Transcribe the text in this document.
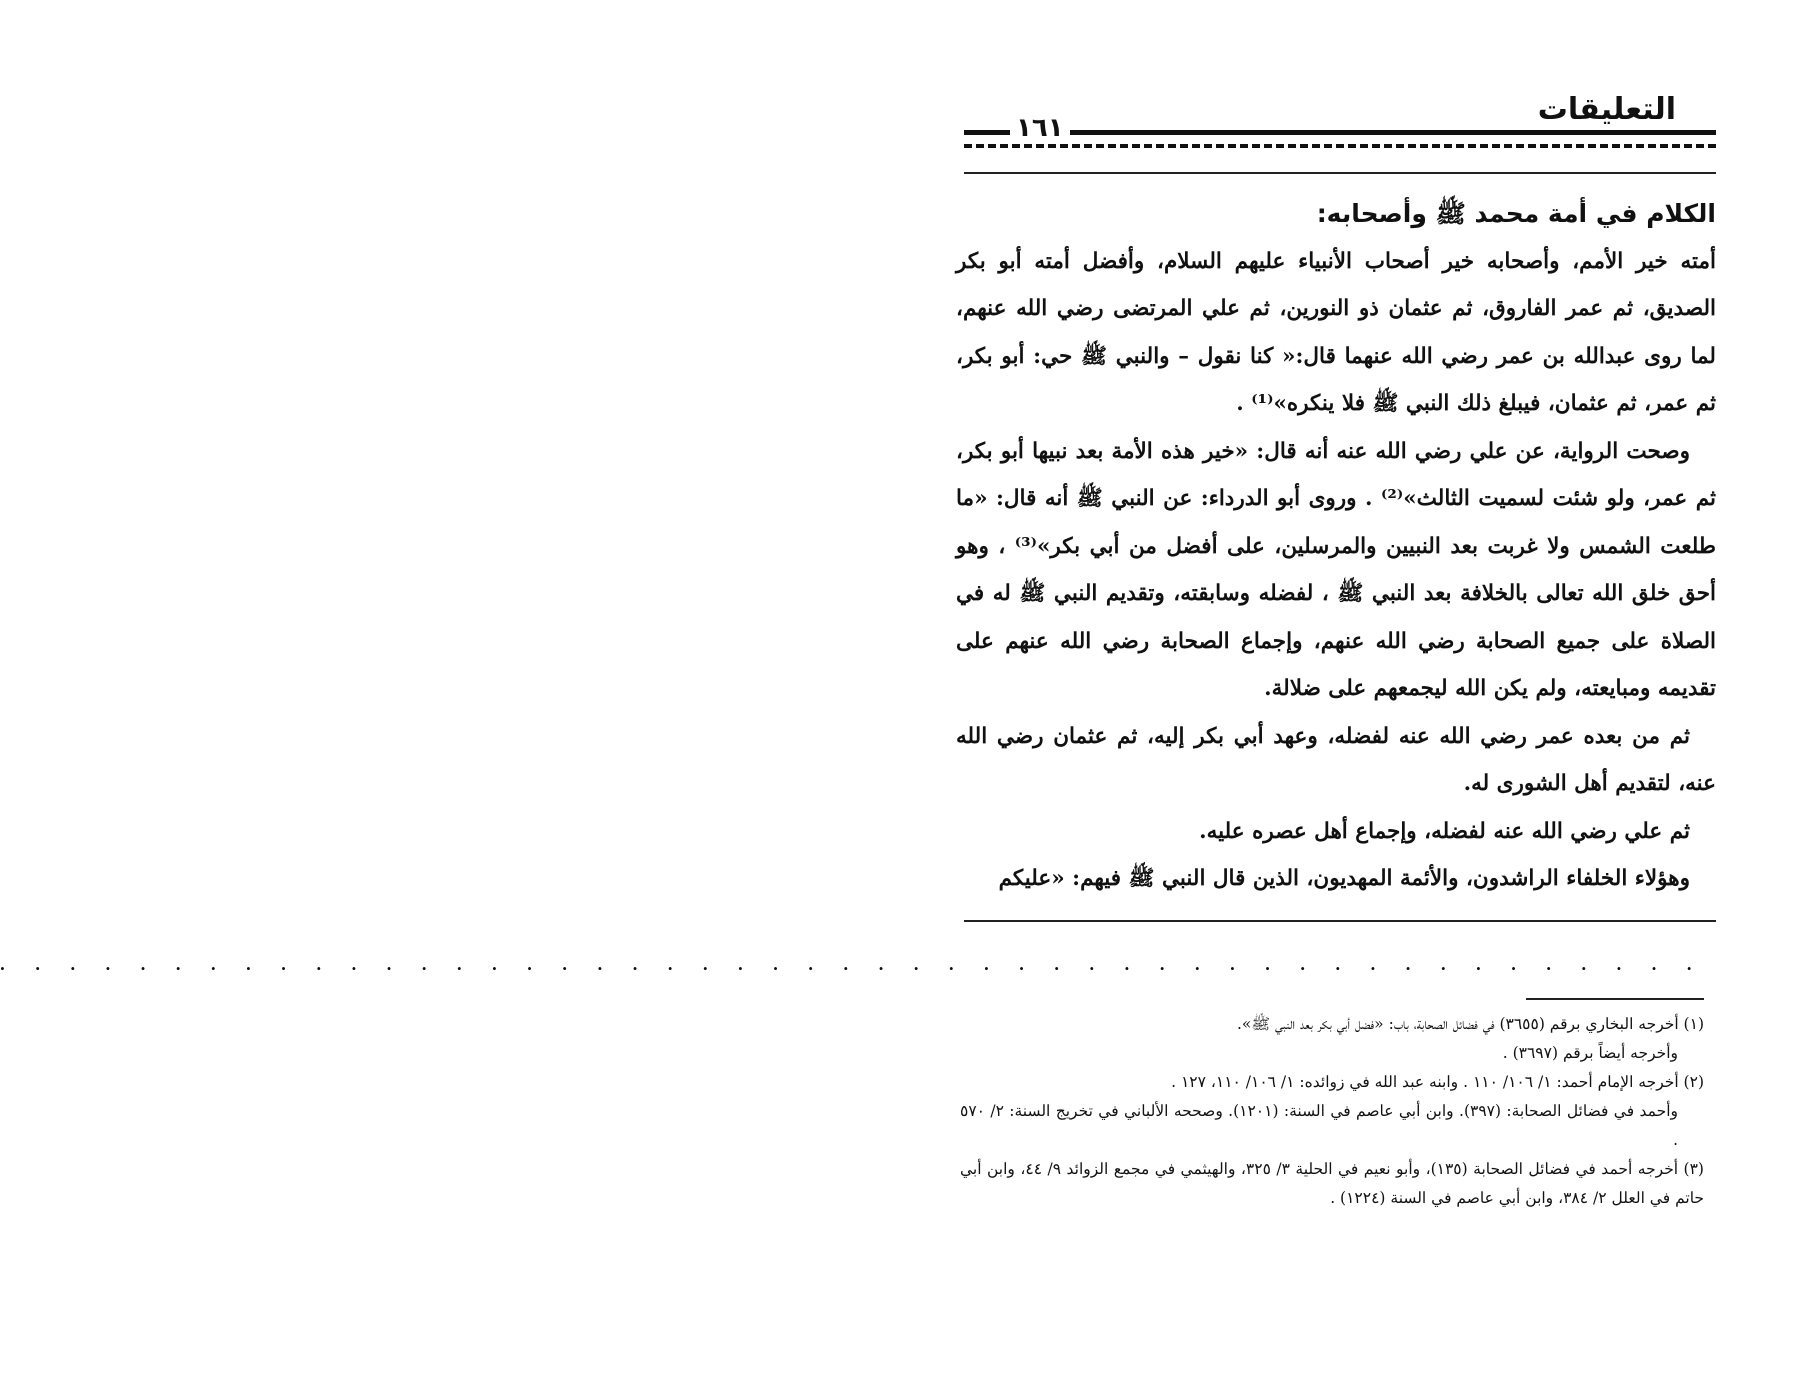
التعليقات
١٦١
الكلام في أمة محمد ﷺ وأصحابه:

أمته خير الأمم، وأصحابه خير أصحاب الأنبياء عليهم السلام، وأفضل أمته أبو بكر الصديق، ثم عمر الفاروق، ثم عثمان ذو النورين، ثم علي المرتضى رضي الله عنهم، لما روى عبدالله بن عمر رضي الله عنهما قال:« كنا نقول – والنبي ﷺ حي: أبو بكر، ثم عمر، ثم عثمان، فيبلغ ذلك النبي ﷺ فلا ينكره»⁽¹⁾ .

وصحت الرواية، عن علي رضي الله عنه أنه قال: «خير هذه الأمة بعد نبيها أبو بكر، ثم عمر، ولو شئت لسميت الثالث»⁽²⁾ . وروى أبو الدرداء: عن النبي ﷺ أنه قال: «ما طلعت الشمس ولا غربت بعد النبيين والمرسلين، على أفضل من أبي بكر»⁽³⁾ ، وهو أحق خلق الله تعالى بالخلافة بعد النبي ﷺ ، لفضله وسابقته، وتقديم النبي ﷺ له في الصلاة على جميع الصحابة رضي الله عنهم، وإجماع الصحابة رضي الله عنهم على تقديمه ومبايعته، ولم يكن الله ليجمعهم على ضلالة.

ثم من بعده عمر رضي الله عنه لفضله، وعهد أبي بكر إليه، ثم عثمان رضي الله عنه، لتقديم أهل الشورى له.

ثم علي رضي الله عنه لفضله، وإجماع أهل عصره عليه.

وهؤلاء الخلفاء الراشدون، والأئمة المهديون، الذين قال النبي ﷺ فيهم: «عليكم

. . . . . . . . . . . . . . . . . . . . . . . . . . . . . . . . . . . . . . . . . . . . . . . . .

(١) أخرجه البخاري برقم (٣٦٥٥) في فضائل الصحابة، باب: «فضل أبي بكر بعد النبي ﷺ».

وأخرجه أيضاً برقم (٣٦٩٧) .

(٢) أخرجه الإمام أحمد: ١/ ١٠٦/ ١١٠ . وابنه عبد الله في زوائده: ١/ ١٠٦/ ١١٠، ١٢٧ .

وأحمد في فضائل الصحابة: (٣٩٧). وابن أبي عاصم في السنة: (١٢٠١). وصححه الألباني في تخريج السنة: ٢/ ٥٧٠ .

(٣) أخرجه أحمد في فضائل الصحابة (١٣٥)، وأبو نعيم في الحلية ٣/ ٣٢٥، والهيثمي في مجمع الزوائد ٩/ ٤٤، وابن أبي حاتم في العلل ٢/ ٣٨٤، وابن أبي عاصم في السنة (١٢٢٤) .
